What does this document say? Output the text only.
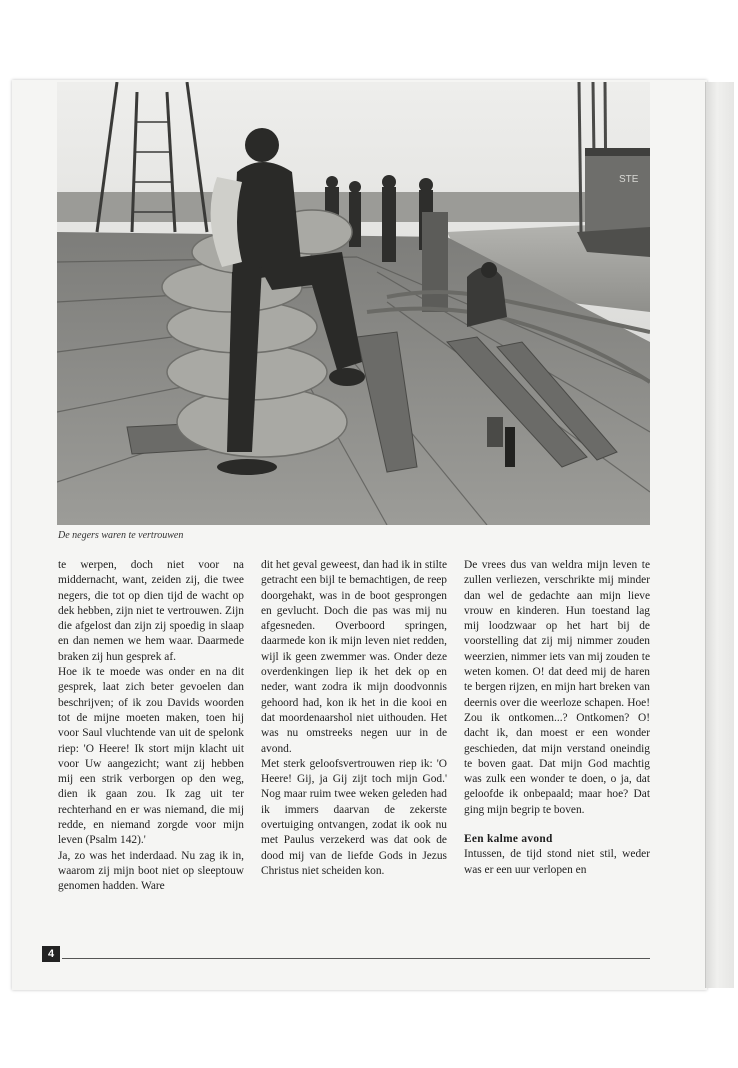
STE
De negers waren te vertrouwen

te werpen, doch niet voor na middernacht, want, zeiden zij, die twee negers, die tot op dien tijd de wacht op dek hebben, zijn niet te vertrouwen. Zijn die afgelost dan zijn zij spoedig in slaap en dan nemen we hem waar. Daarmede braken zij hun gesprek af.

Hoe ik te moede was onder en na dit gesprek, laat zich beter gevoelen dan beschrijven; of ik zou Davids woorden tot de mijne moeten maken, toen hij voor Saul vluchtende van uit de spelonk riep: 'O Heere! Ik stort mijn klacht uit voor Uw aangezicht; want zij hebben mij een strik verborgen op den weg, dien ik gaan zou. Ik zag uit ter rechterhand en er was niemand, die mij redde, en niemand zorgde voor mijn leven (Psalm 142).'

Ja, zo was het inderdaad. Nu zag ik in, waarom zij mijn boot niet op sleeptouw genomen hadden. Ware

dit het geval geweest, dan had ik in stilte getracht een bijl te bemachtigen, de reep doorgehakt, was in de boot gesprongen en gevlucht. Doch die pas was mij nu afgesneden. Overboord springen, daarmede kon ik mijn leven niet redden, wijl ik geen zwemmer was. Onder deze overdenkingen liep ik het dek op en neder, want zodra ik mijn doodvonnis gehoord had, kon ik het in die kooi en dat moordenaarshol niet uithouden. Het was nu omstreeks negen uur in de avond.

Met sterk geloofsvertrouwen riep ik: 'O Heere! Gij, ja Gij zijt toch mijn God.' Nog maar ruim twee weken geleden had ik immers daarvan de zekerste overtuiging ontvangen, zodat ik ook nu met Paulus verzekerd was dat ook de dood mij van de liefde Gods in Jezus Christus niet scheiden kon.

De vrees dus van weldra mijn leven te zullen verliezen, verschrikte mij minder dan wel de gedachte aan mijn lieve vrouw en kinderen. Hun toestand lag mij loodzwaar op het hart bij de voorstelling dat zij mij nimmer zouden weerzien, nimmer iets van mij zouden te weten komen. O! dat deed mij de haren te bergen rijzen, en mijn hart breken van deernis over die weerloze schapen. Hoe! Zou ik ontkomen...? Ontkomen? O! dacht ik, dan moest er een wonder geschieden, dat mijn verstand oneindig te boven gaat. Dat mijn God machtig was zulk een wonder te doen, o ja, dat geloofde ik onbepaald; maar hoe? Dat ging mijn begrip te boven.

Een kalme avond

Intussen, de tijd stond niet stil, weder was er een uur verlopen en

4
